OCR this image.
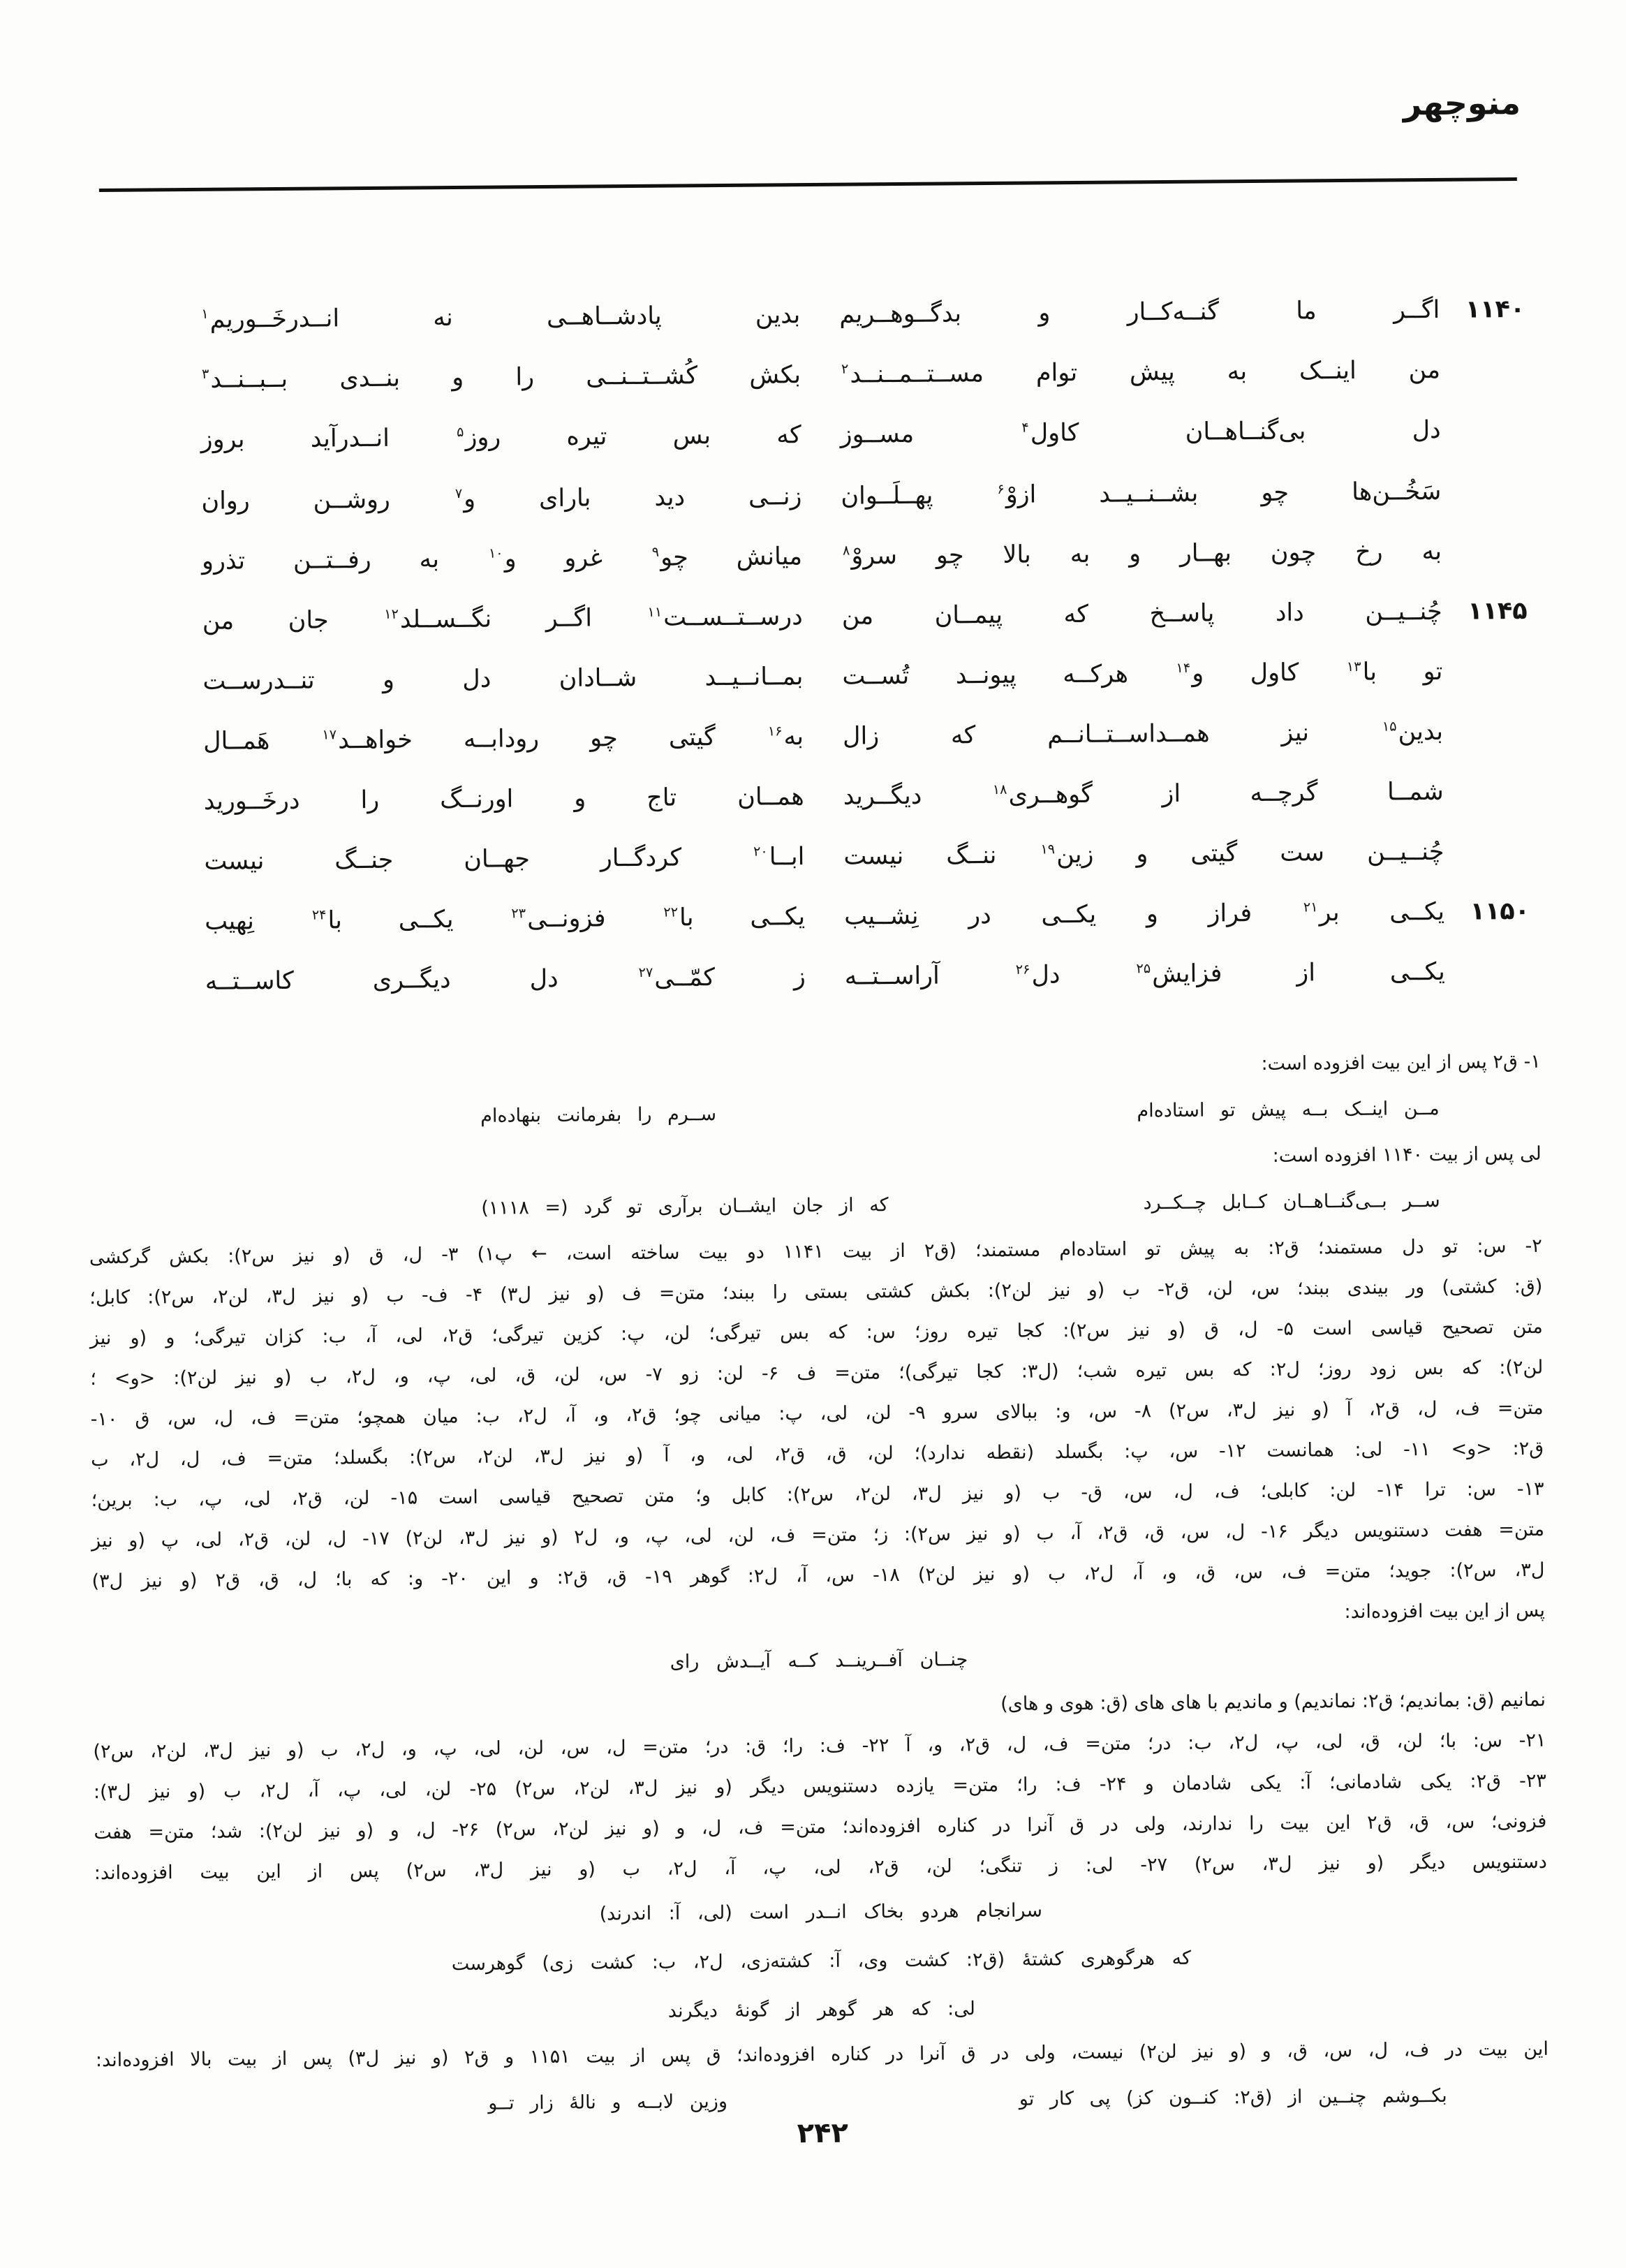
منوچهر
۱۱۴۰
اگــر ما گنــه‌کــار و بدگــوهــریم
بدین پادشــاهــی نه انــدرخَــوریم$^۱$
من اینــک به پیش توام مســتــمــنــد$^۲$
بکش کُشــتــنــی را و بنــدی بــبــنــد$^۳$
دل بی‌گنــاهــان کاول$^۴$ مســوز
که بس تیره روز$^۵$ انــدرآید بروز
سَخُــن‌ها چو بشــنــیــد ازوْ$^۶$ پهــلَــوان
زنــی دید بارای و$^۷$ روشــن روان
به رخ چون بهــار و به بالا چو سروْ$^۸$
میانش چو$^۹$ غرو و$^{۱۰}$ به رفــتــن تذرو
۱۱۴۵
چُنــیــن داد پاســخ که پیمــان من
درســتــســت$^{۱۱}$ اگــر نگــســلد$^{۱۲}$ جان من
تو با$^{۱۳}$ کاول و$^{۱۴}$ هرکــه پیونــد تُســت
بمــانــیــد شــادان دل و تنــدرســت
بدین$^{۱۵}$ نیز همــداســتــانــم که زال
به$^{۱۶}$ گیتی چو رودابــه خواهــد$^{۱۷}$ هَمــال
شمــا گرچــه از گوهــری$^{۱۸}$ دیگــرید
همــان تاج و اورنــگ را درخَــورید
چُنــیــن ست گیتی و زین$^{۱۹}$ ننــگ نیست
ابــا$^{۲۰}$ کردگــار جهــان جنــگ نیست
۱۱۵۰
یکــی بر$^{۲۱}$ فراز و یکــی در نِشــیب
یکــی با$^{۲۲}$ فزونــی$^{۲۳}$ یکــی با$^{۲۴}$ نِهیب
یکــی از فزایش$^{۲۵}$ دل$^{۲۶}$ آراســتــه
ز کمّــی$^{۲۷}$ دل دیگــری کاســتــه
۱- ق۲ پس از این بیت افزوده است:
مــن اینــک بــه پیش تو استاده‌ام
ســرم را بفرمانت بنهاده‌ام
لی پس از بیت ۱۱۴۰ افزوده است:
ســر بــی‌گنــاهــان کــابل چــکــرد
که از جان ایشــان برآری تو گرد (= ۱۱۱۸)
۲- س: تو دل مستمند؛ ق۲: به پیش تو استاده‌ام مستمند؛ (ق۲ از بیت ۱۱۴۱ دو بیت ساخته است، ← پ۱) ۳- ل، ق (و نیز س۲): بکش گرکشی
(ق: کشتی) ور بیندی ببند؛ س، لن، ق۲- ب (و نیز لن۲): بکش کشتی بستی را ببند؛ متن= ف (و نیز ل۳) ۴- ف- ب (و نیز ل۳، لن۲، س۲): کابل؛
متن تصحیح قیاسی است ۵- ل، ق (و نیز س۲): کجا تیره روز؛ س: که بس تیرگی؛ لن، پ: کزین تیرگی؛ ق۲، لی، آ، ب: کزان تیرگی؛ و (و نیز
لن۲): که بس زود روز؛ ل۲: که بس تیره شب؛ (ل۳: کجا تیرگی)؛ متن= ف ۶- لن: زو ۷- س، لن، ق، لی، پ، و، ل۲، ب (و نیز لن۲): <و> ؛
متن= ف، ل، ق۲، آ (و نیز ل۳، س۲) ۸- س، و: ببالای سرو ۹- لن، لی، پ: میانی چو؛ ق۲، و، آ، ل۲، ب: میان همچو؛ متن= ف، ل، س، ق ۱۰-
ق۲: <و> ۱۱- لی: همانست ۱۲- س، پ: بگسلد (نقطه ندارد)؛ لن، ق، ق۲، لی، و، آ (و نیز ل۳، لن۲، س۲): بگسلد؛ متن= ف، ل، ل۲، ب
۱۳- س: ترا ۱۴- لن: کابلی؛ ف، ل، س، ق- ب (و نیز ل۳، لن۲، س۲): کابل و؛ متن تصحیح قیاسی است ۱۵- لن، ق۲، لی، پ، ب: برین؛
متن= هفت دستنویس دیگر ۱۶- ل، س، ق، ق۲، آ، ب (و نیز س۲): ز؛ متن= ف، لن، لی، پ، و، ل۲ (و نیز ل۳، لن۲) ۱۷- ل، لن، ق۲، لی، پ (و نیز
ل۳، س۲): جوید؛ متن= ف، س، ق، و، آ، ل۲، ب (و نیز لن۲) ۱۸- س، آ، ل۲: گوهر ۱۹- ق، ق۲: و این ۲۰- و: که با؛ ل، ق، ق۲ (و نیز ل۳)
پس از این بیت افزوده‌اند:
چنــان آفــرینــد کــه آیــدش رای
نمانیم (ق: بماندیم؛ ق۲: نماندیم) و ماندیم با های های (ق: هوی و های)
۲۱- س: با؛ لن، ق، لی، پ، ل۲، ب: در؛ متن= ف، ل، ق۲، و، آ ۲۲- ف: را؛ ق: در؛ متن= ل، س، لن، لی، پ، و، ل۲، ب (و نیز ل۳، لن۲، س۲)
۲۳- ق۲: یکی شادمانی؛ آ: یکی شادمان و ۲۴- ف: را؛ متن= یازده دستنویس دیگر (و نیز ل۳، لن۲، س۲) ۲۵- لن، لی، پ، آ، ل۲، ب (و نیز ل۳):
فزونی؛ س، ق، ق۲ این بیت را ندارند، ولی در ق آنرا در کناره افزوده‌اند؛ متن= ف، ل، و (و نیز لن۲، س۲) ۲۶- ل، و (و نیز لن۲): شد؛ متن= هفت
دستنویس دیگر (و نیز ل۳، س۲) ۲۷- لی: ز تنگی؛ لن، ق۲، لی، پ، آ، ل۲، ب (و نیز ل۳، س۲) پس از این بیت افزوده‌اند:
سرانجام هردو بخاک انــدر است (لی، آ: اندرند)
که هرگوهری کشتهٔ (ق۲: کشت وی، آ: کشته‌زی، ل۲، ب: کشت زی) گوهرست
لی: که هر گوهر از گونهٔ دیگرند
این بیت در ف، ل، س، ق، و (و نیز لن۲) نیست، ولی در ق آنرا در کناره افزوده‌اند؛ ق پس از بیت ۱۱۵۱ و ق۲ (و نیز ل۳) پس از بیت بالا افزوده‌اند:
بکــوشم چنــین از (ق۲: کنــون کز) پی کار تو
وزین لابــه و نالهٔ زار تــو
۲۴۲
